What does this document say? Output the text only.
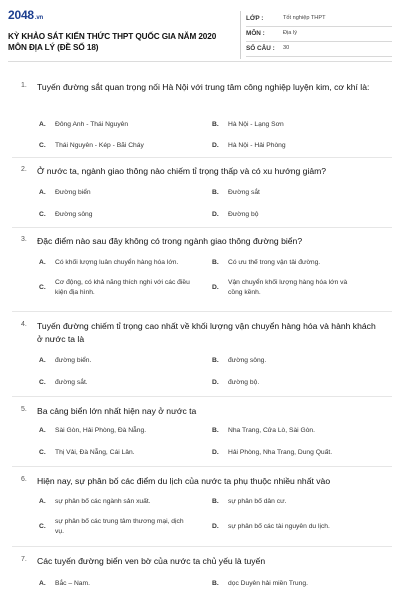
2048.vn
KỲ KHẢO SÁT KIẾN THỨC THPT QUỐC GIA NĂM 2020
MÔN ĐỊA LÝ (ĐỀ SỐ 18)
LỚP :	Tốt nghiệp THPT
MÔN :	Địa lý
SỐ CÂU : 30
1. Tuyến đường sắt quan trọng nối Hà Nội với trung tâm công nghiệp luyện kim, cơ khí là:
A. Đông Anh - Thái Nguyên	B. Hà Nội - Lạng Sơn
C. Thái Nguyên - Kép - Bãi Cháy	D. Hà Nội - Hải Phòng
2. Ở nước ta, ngành giao thông nào chiếm tỉ trọng thấp và có xu hướng giảm?
A. Đường biển	B. Đường sắt
C. Đường sông	D. Đường bộ
3. Đặc điểm nào sau đây không có trong ngành giao thông đường biển?
A. Có khối lượng luân chuyển hàng hóa lớn.	B. Có ưu thế trong vận tải đường.
C.
Cơ động, có khả năng thích nghi với các điều kiện địa hình.
D.
Vận chuyển khối lượng hàng hóa lớn và cồng kềnh.
4. Tuyến đường chiếm tỉ trọng cao nhất về khối lượng vận chuyển hàng hóa và hành khách ở nước ta là
A. đường biển.	B. đường sông.
C. đường sắt.	D. đường bộ.
5. Ba cảng biển lớn nhất hiện nay ở nước ta
A. Sài Gòn, Hải Phòng, Đà Nẵng.	B. Nha Trang, Cửa Lò, Sài Gòn.
C. Thị Vải, Đà Nẵng, Cái Lân.	D. Hải Phòng, Nha Trang, Dung Quất.
6. Hiện nay, sự phân bố các điểm du lịch của nước ta phụ thuộc nhiều nhất vào
A. sự phân bố các ngành sản xuất.	B. sự phân bố dân cư.
C.
sự phân bố các trung tâm thương mại, dịch vụ.
D. sự phân bố các tài nguyên du lịch.
7. Các tuyến đường biển ven bờ của nước ta chủ yếu là tuyến
A. Bắc – Nam.	B. dọc Duyên hải miền Trung.
